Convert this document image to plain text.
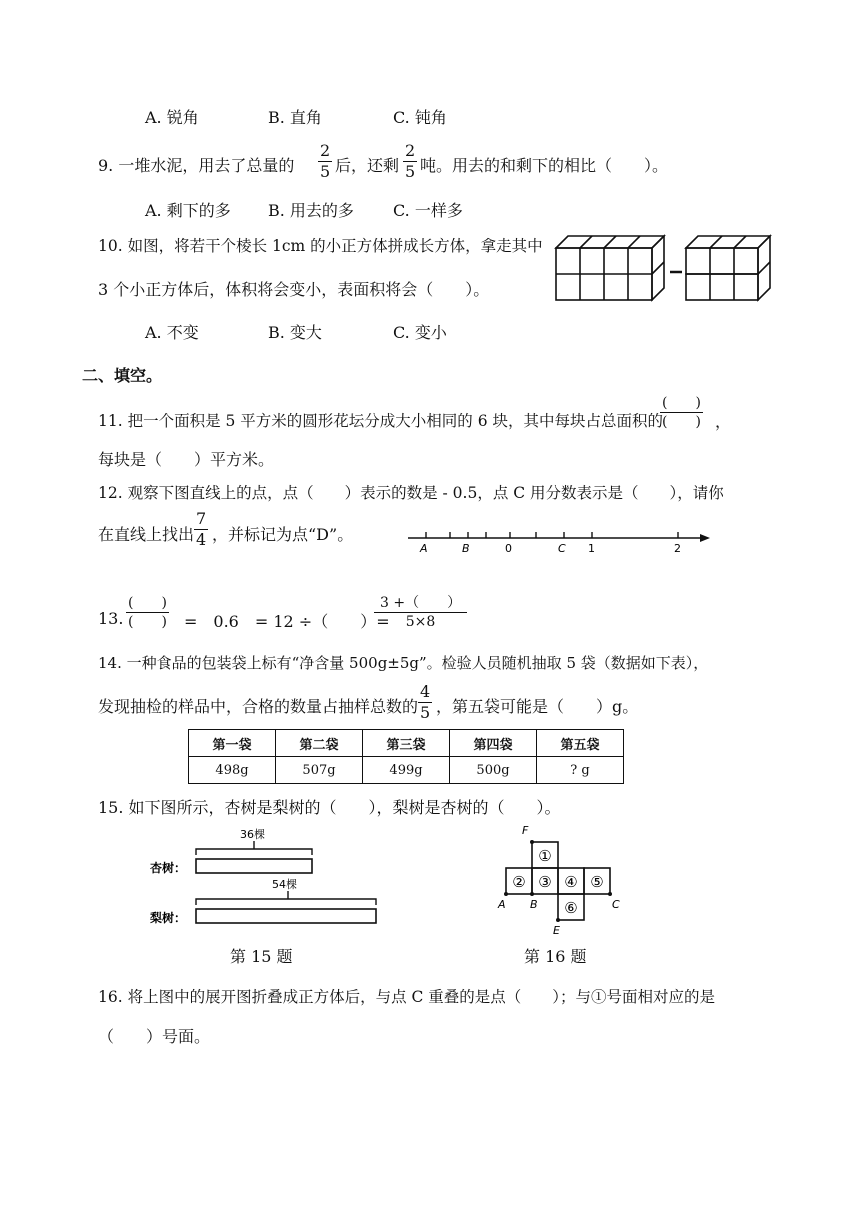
A. 锐角	B. 直角	C. 钝角
9. 一堆水泥，用去了总量的 $\frac{2}{5}$ 后，还剩 $\frac{2}{5}$ 吨。用去的和剩下的相比（　　）。
A. 剩下的多 B. 用去的多 C. 一样多
10. 如图，将若干个棱长 1cm 的小正方体拼成长方体，拿走其中
3 个小正方体后，体积将会变小，表面积将会（　　）。
A. 不变	B. 变大	C. 变小
二、填空。
11. 把一个面积是 5 平方米的圆形花坛分成大小相同的 6 块，其中每块占总面积的
(　　)
(　　) ，
每块是（　　）平方米。
12. 观察下图直线上的点，点（　　）表示的数是 - 0.5，点 C 用分数表示是（　　），请你
在直线上找出 $\frac{7}{4}$ ，并标记为点“D”。
A	B	0	C 1	2
13.
(　　)
(　　) =　0.6　= 12 ÷（　　）=
$\frac{3 +( )}{5\times 8}$
14. 一种食品的包装袋上标有“净含量 500g±5g”。检验人员随机抽取 5 袋（数据如下表），
发现抽检的样品中，合格的数量占抽样总数的 $\frac{4}{5}$ ，第五袋可能是（　　）g。
第一袋	第二袋	第三袋	第四袋	第五袋
498g	507g	499g	500g	? g
15. 如下图所示，杏树是梨树的（　　），梨树是杏树的（　　）。
杏树：
36棵
梨树：
54棵
第 15 题
①
② ③ ④ ⑤
⑥
F
A B	C
E
第 16 题
16. 将上图中的展开图折叠成正方体后，与点 C 重叠的是点（　　）；与①号面相对应的是
（　　）号面。
